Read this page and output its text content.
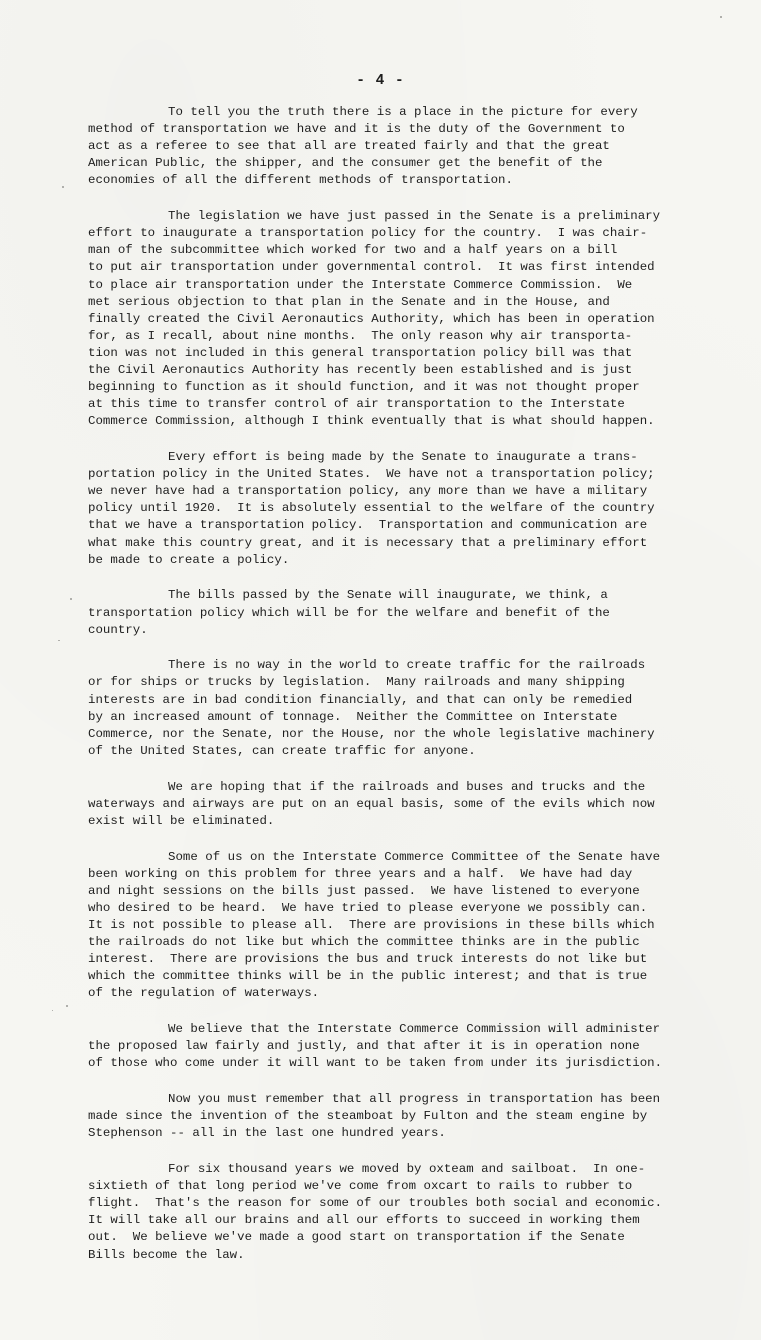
- 4 -
To tell you the truth there is a place in the picture for every
method of transportation we have and it is the duty of the Government to
act as a referee to see that all are treated fairly and that the great
American Public, the shipper, and the consumer get the benefit of the
economies of all the different methods of transportation.
The legislation we have just passed in the Senate is a preliminary
effort to inaugurate a transportation policy for the country.  I was chair-
man of the subcommittee which worked for two and a half years on a bill
to put air transportation under governmental control.  It was first intended
to place air transportation under the Interstate Commerce Commission.  We
met serious objection to that plan in the Senate and in the House, and
finally created the Civil Aeronautics Authority, which has been in operation
for, as I recall, about nine months.  The only reason why air transporta-
tion was not included in this general transportation policy bill was that
the Civil Aeronautics Authority has recently been established and is just
beginning to function as it should function, and it was not thought proper
at this time to transfer control of air transportation to the Interstate
Commerce Commission, although I think eventually that is what should happen.
Every effort is being made by the Senate to inaugurate a trans-
portation policy in the United States.  We have not a transportation policy;
we never have had a transportation policy, any more than we have a military
policy until 1920.  It is absolutely essential to the welfare of the country
that we have a transportation policy.  Transportation and communication are
what make this country great, and it is necessary that a preliminary effort
be made to create a policy.
The bills passed by the Senate will inaugurate, we think, a
transportation policy which will be for the welfare and benefit of the
country.
There is no way in the world to create traffic for the railroads
or for ships or trucks by legislation.  Many railroads and many shipping
interests are in bad condition financially, and that can only be remedied
by an increased amount of tonnage.  Neither the Committee on Interstate
Commerce, nor the Senate, nor the House, nor the whole legislative machinery
of the United States, can create traffic for anyone.
We are hoping that if the railroads and buses and trucks and the
waterways and airways are put on an equal basis, some of the evils which now
exist will be eliminated.
Some of us on the Interstate Commerce Committee of the Senate have
been working on this problem for three years and a half.  We have had day
and night sessions on the bills just passed.  We have listened to everyone
who desired to be heard.  We have tried to please everyone we possibly can.
It is not possible to please all.  There are provisions in these bills which
the railroads do not like but which the committee thinks are in the public
interest.  There are provisions the bus and truck interests do not like but
which the committee thinks will be in the public interest; and that is true
of the regulation of waterways.
We believe that the Interstate Commerce Commission will administer
the proposed law fairly and justly, and that after it is in operation none
of those who come under it will want to be taken from under its jurisdiction.
Now you must remember that all progress in transportation has been
made since the invention of the steamboat by Fulton and the steam engine by
Stephenson -- all in the last one hundred years.
For six thousand years we moved by oxteam and sailboat.  In one-
sixtieth of that long period we've come from oxcart to rails to rubber to
flight.  That's the reason for some of our troubles both social and economic.
It will take all our brains and all our efforts to succeed in working them
out.  We believe we've made a good start on transportation if the Senate
Bills become the law.
